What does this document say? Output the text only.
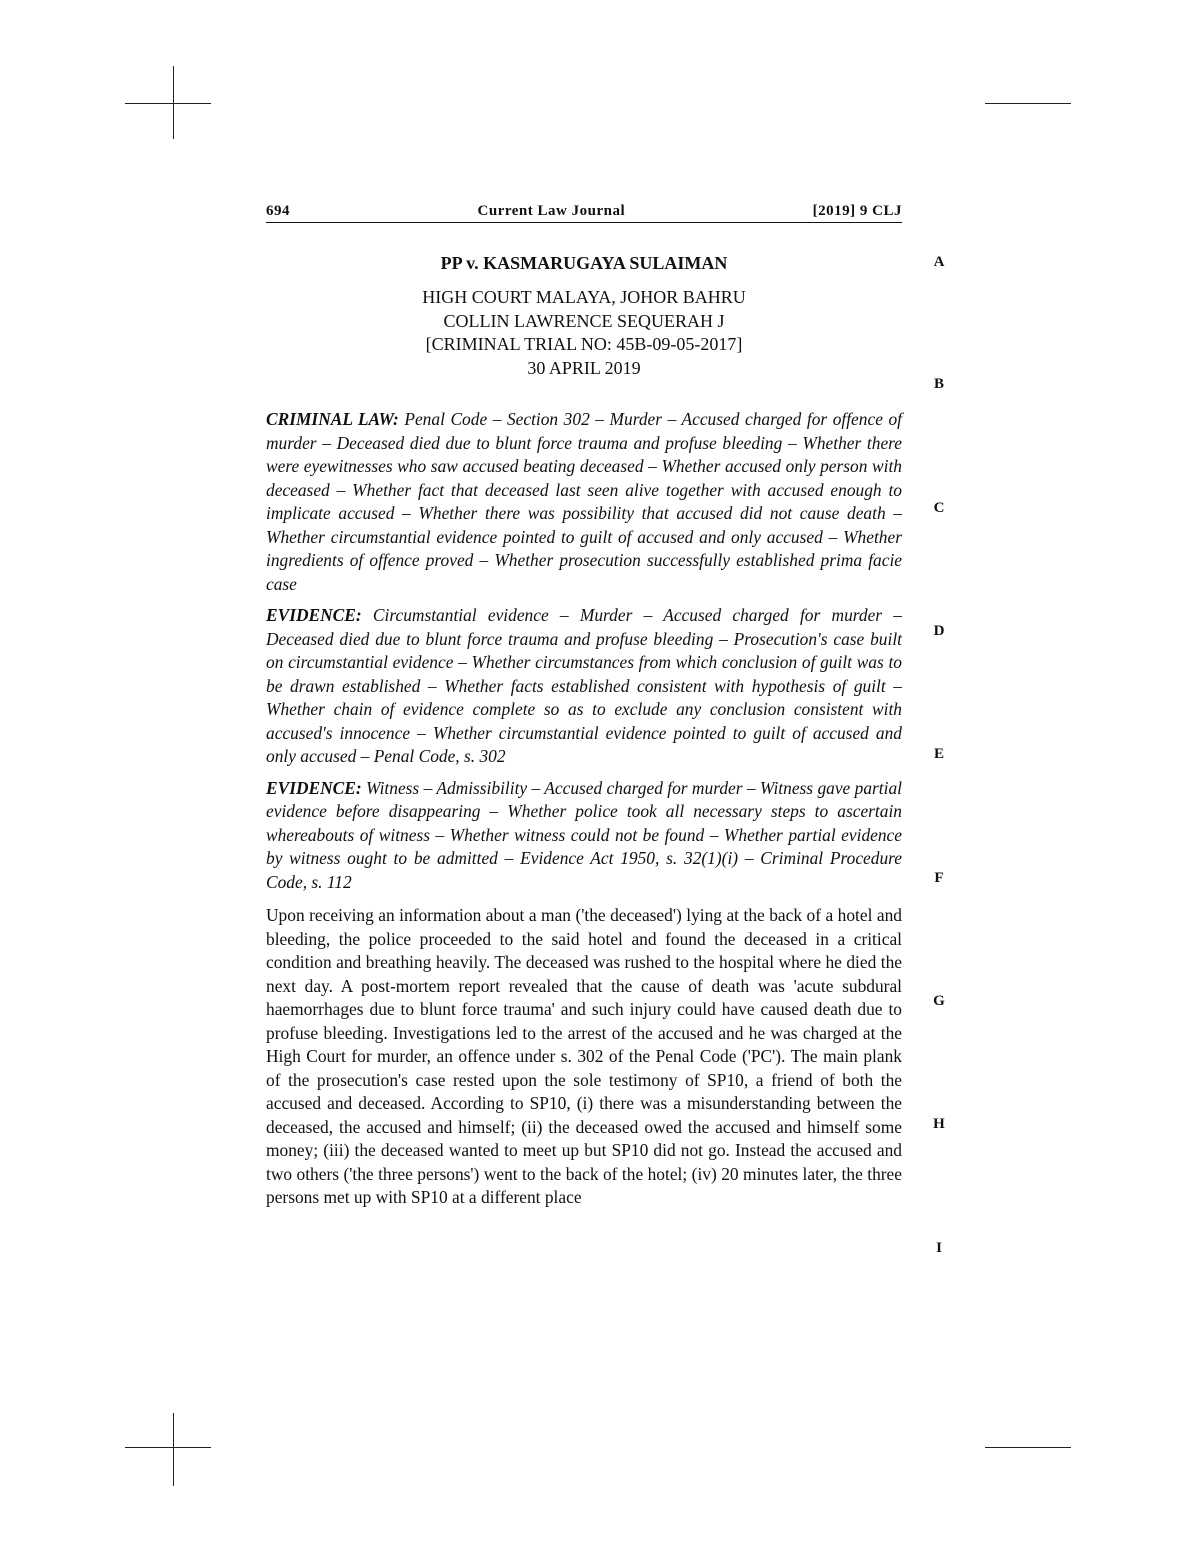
694	Current Law Journal	[2019] 9 CLJ
PP v. KASMARUGAYA SULAIMAN
HIGH COURT MALAYA, JOHOR BAHRU
COLLIN LAWRENCE SEQUERAH J
[CRIMINAL TRIAL NO: 45B-09-05-2017]
30 APRIL 2019

CRIMINAL LAW: Penal Code – Section 302 – Murder – Accused charged for offence of murder – Deceased died due to blunt force trauma and profuse bleeding – Whether there were eyewitnesses who saw accused beating deceased – Whether accused only person with deceased – Whether fact that deceased last seen alive together with accused enough to implicate accused – Whether there was possibility that accused did not cause death – Whether circumstantial evidence pointed to guilt of accused and only accused – Whether ingredients of offence proved – Whether prosecution successfully established prima facie case

EVIDENCE: Circumstantial evidence – Murder – Accused charged for murder – Deceased died due to blunt force trauma and profuse bleeding – Prosecution's case built on circumstantial evidence – Whether circumstances from which conclusion of guilt was to be drawn established – Whether facts established consistent with hypothesis of guilt – Whether chain of evidence complete so as to exclude any conclusion consistent with accused's innocence – Whether circumstantial evidence pointed to guilt of accused and only accused – Penal Code, s. 302

EVIDENCE: Witness – Admissibility – Accused charged for murder – Witness gave partial evidence before disappearing – Whether police took all necessary steps to ascertain whereabouts of witness – Whether witness could not be found – Whether partial evidence by witness ought to be admitted – Evidence Act 1950, s. 32(1)(i) – Criminal Procedure Code, s. 112

Upon receiving an information about a man ('the deceased') lying at the back of a hotel and bleeding, the police proceeded to the said hotel and found the deceased in a critical condition and breathing heavily. The deceased was rushed to the hospital where he died the next day. A post-mortem report revealed that the cause of death was 'acute subdural haemorrhages due to blunt force trauma' and such injury could have caused death due to profuse bleeding. Investigations led to the arrest of the accused and he was charged at the High Court for murder, an offence under s. 302 of the Penal Code ('PC'). The main plank of the prosecution's case rested upon the sole testimony of SP10, a friend of both the accused and deceased. According to SP10, (i) there was a misunderstanding between the deceased, the accused and himself; (ii) the deceased owed the accused and himself some money; (iii) the deceased wanted to meet up but SP10 did not go. Instead the accused and two others ('the three persons') went to the back of the hotel; (iv) 20 minutes later, the three persons met up with SP10 at a different place

A
B
C
D
E
F
G
H
I
